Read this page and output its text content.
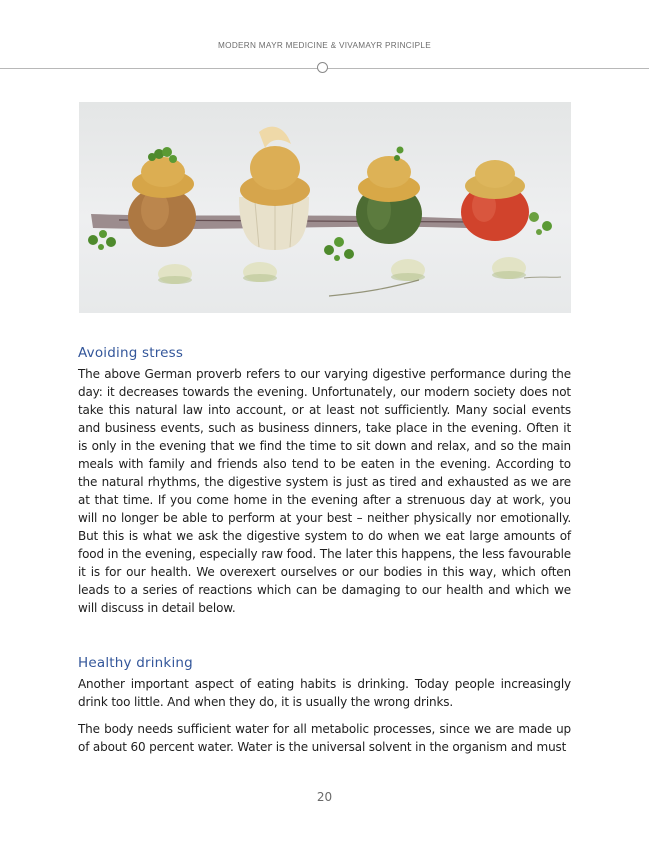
MODERN MAYR MEDICINE & VIVAMAYR PRINCIPLE
Avoiding stress

The above German proverb refers to our varying digestive performance during the day: it decreases towards the evening. Unfortunately, our modern society does not take this natural law into account, or at least not sufficiently. Many social events and business events, such as business dinners, take place in the evening. Often it is only in the evening that we find the time to sit down and relax, and so the main meals with family and friends also tend to be eaten in the evening. According to the natural rhythms, the digestive system is just as tired and exhausted as we are at that time. If you come home in the evening after a strenuous day at work, you will no longer be able to perform at your best – neither physically nor emotionally. But this is what we ask the digestive system to do when we eat large amounts of food in the evening, especially raw food. The later this happens, the less favourable it is for our health. We overexert ourselves or our bodies in this way, which often leads to a series of reactions which can be damaging to our health and which we will discuss in detail below.

Healthy drinking

Another important aspect of eating habits is drinking. Today people increasingly drink too little. And when they do, it is usually the wrong drinks.

The body needs sufficient water for all metabolic processes, since we are made up of about 60 percent water. Water is the universal solvent in the organism and must

20
